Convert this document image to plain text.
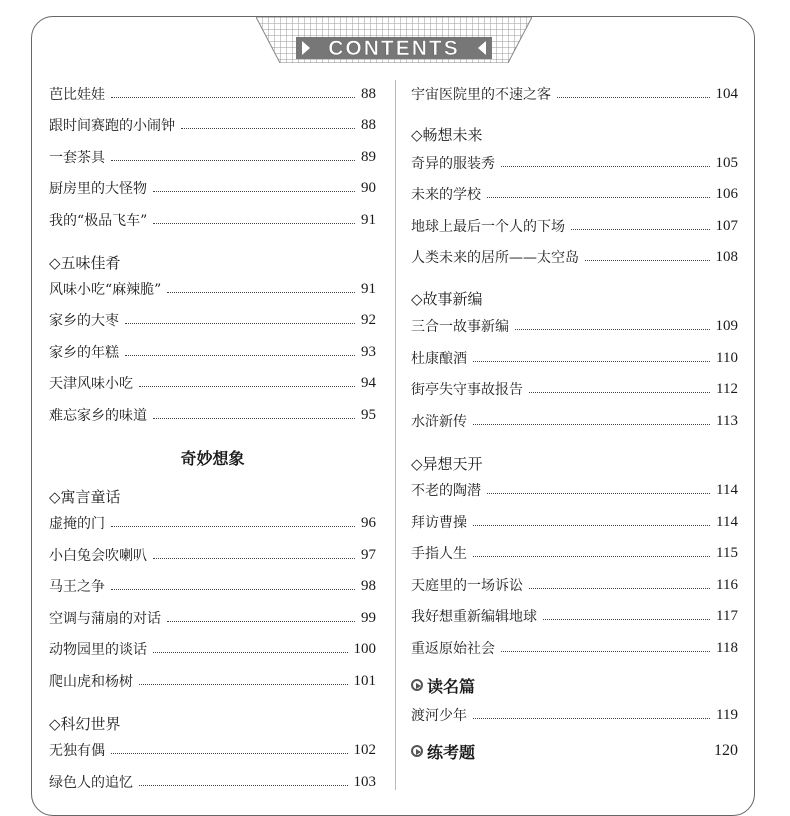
CONTENTS
芭比娃娃	88
跟时间赛跑的小闹钟	88
一套茶具	89
厨房里的大怪物	90
我的“极品飞车”	91
◇五味佳肴
风味小吃“麻辣脆”	91
家乡的大枣	92
家乡的年糕	93
天津风味小吃	94
难忘家乡的味道	95
奇妙想象
◇寓言童话
虚掩的门	96
小白兔会吹喇叭	97
马王之争	98
空调与蒲扇的对话	99
动物园里的谈话	100
爬山虎和杨树	101
◇科幻世界
无独有偶	102
绿色人的追忆	103
宇宙医院里的不速之客	104
◇畅想未来
奇异的服装秀	105
未来的学校	106
地球上最后一个人的下场	107
人类未来的居所——太空岛	108
◇故事新编
三合一故事新编	109
杜康酿酒	110
街亭失守事故报告	112
水浒新传	113
◇异想天开
不老的陶潜	114
拜访曹操	114
手指人生	115
天庭里的一场诉讼	116
我好想重新编辑地球	117
重返原始社会	118
读名篇
渡河少年	119
练考题	120
